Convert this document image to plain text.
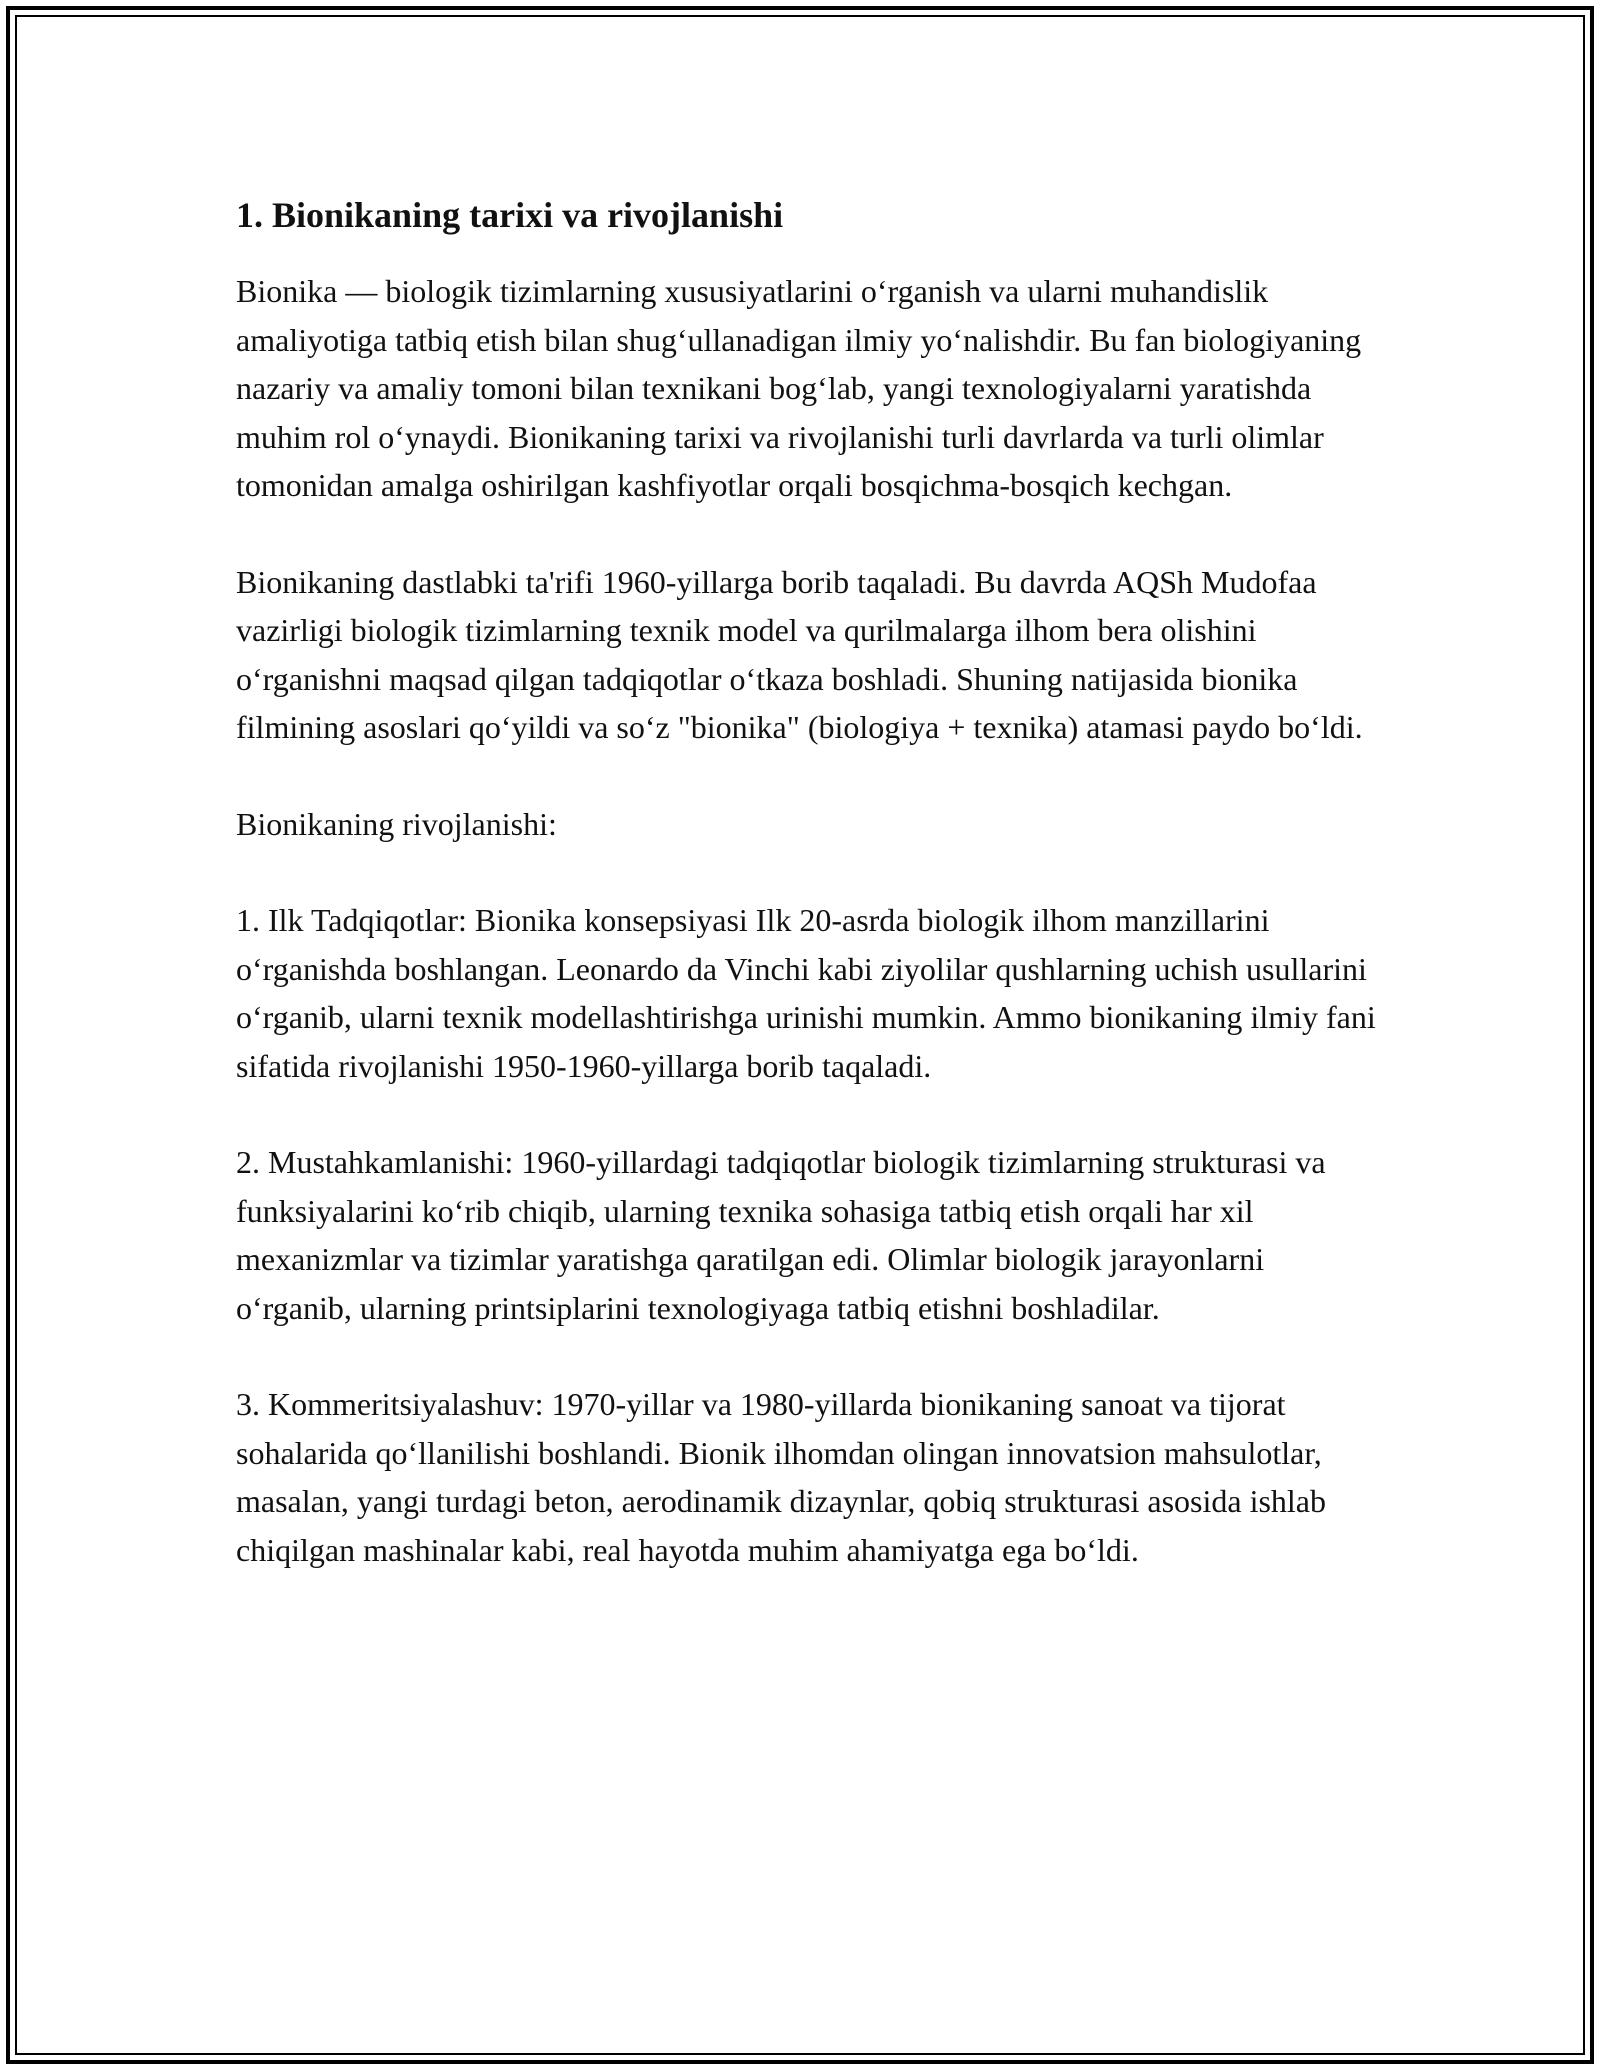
1. Bionikaning tarixi va rivojlanishi

Bionika — biologik tizimlarning xususiyatlarini oʻrganish va ularni muhandislik amaliyotiga tatbiq etish bilan shugʻullanadigan ilmiy yoʻnalishdir. Bu fan biologiyaning nazariy va amaliy tomoni bilan texnikani bogʻlab, yangi texnologiyalarni yaratishda muhim rol oʻynaydi. Bionikaning tarixi va rivojlanishi turli davrlarda va turli olimlar tomonidan amalga oshirilgan kashfiyotlar orqali bosqichma-bosqich kechgan.

Bionikaning dastlabki ta'rifi 1960-yillarga borib taqaladi. Bu davrda AQSh Mudofaa vazirligi biologik tizimlarning texnik model va qurilmalarga ilhom bera olishini oʻrganishni maqsad qilgan tadqiqotlar oʻtkaza boshladi. Shuning natijasida bionika filmining asoslari qoʻyildi va soʻz "bionika" (biologiya + texnika) atamasi paydo boʻldi.

Bionikaning rivojlanishi:

1. Ilk Tadqiqotlar: Bionika konsepsiyasi Ilk 20-asrda biologik ilhom manzillarini oʻrganishda boshlangan. Leonardo da Vinchi kabi ziyolilar qushlarning uchish usullarini oʻrganib, ularni texnik modellashtirishga urinishi mumkin. Ammo bionikaning ilmiy fani sifatida rivojlanishi 1950-1960-yillarga borib taqaladi.

2. Mustahkamlanishi: 1960-yillardagi tadqiqotlar biologik tizimlarning strukturasi va funksiyalarini koʻrib chiqib, ularning texnika sohasiga tatbiq etish orqali har xil mexanizmlar va tizimlar yaratishga qaratilgan edi. Olimlar biologik jarayonlarni oʻrganib, ularning printsiplarini texnologiyaga tatbiq etishni boshladilar.

3. Kommeritsiyalashuv: 1970-yillar va 1980-yillarda bionikaning sanoat va tijorat sohalarida qoʻllanilishi boshlandi. Bionik ilhomdan olingan innovatsion mahsulotlar, masalan, yangi turdagi beton, aerodinamik dizaynlar, qobiq strukturasi asosida ishlab chiqilgan mashinalar kabi, real hayotda muhim ahamiyatga ega boʻldi.
